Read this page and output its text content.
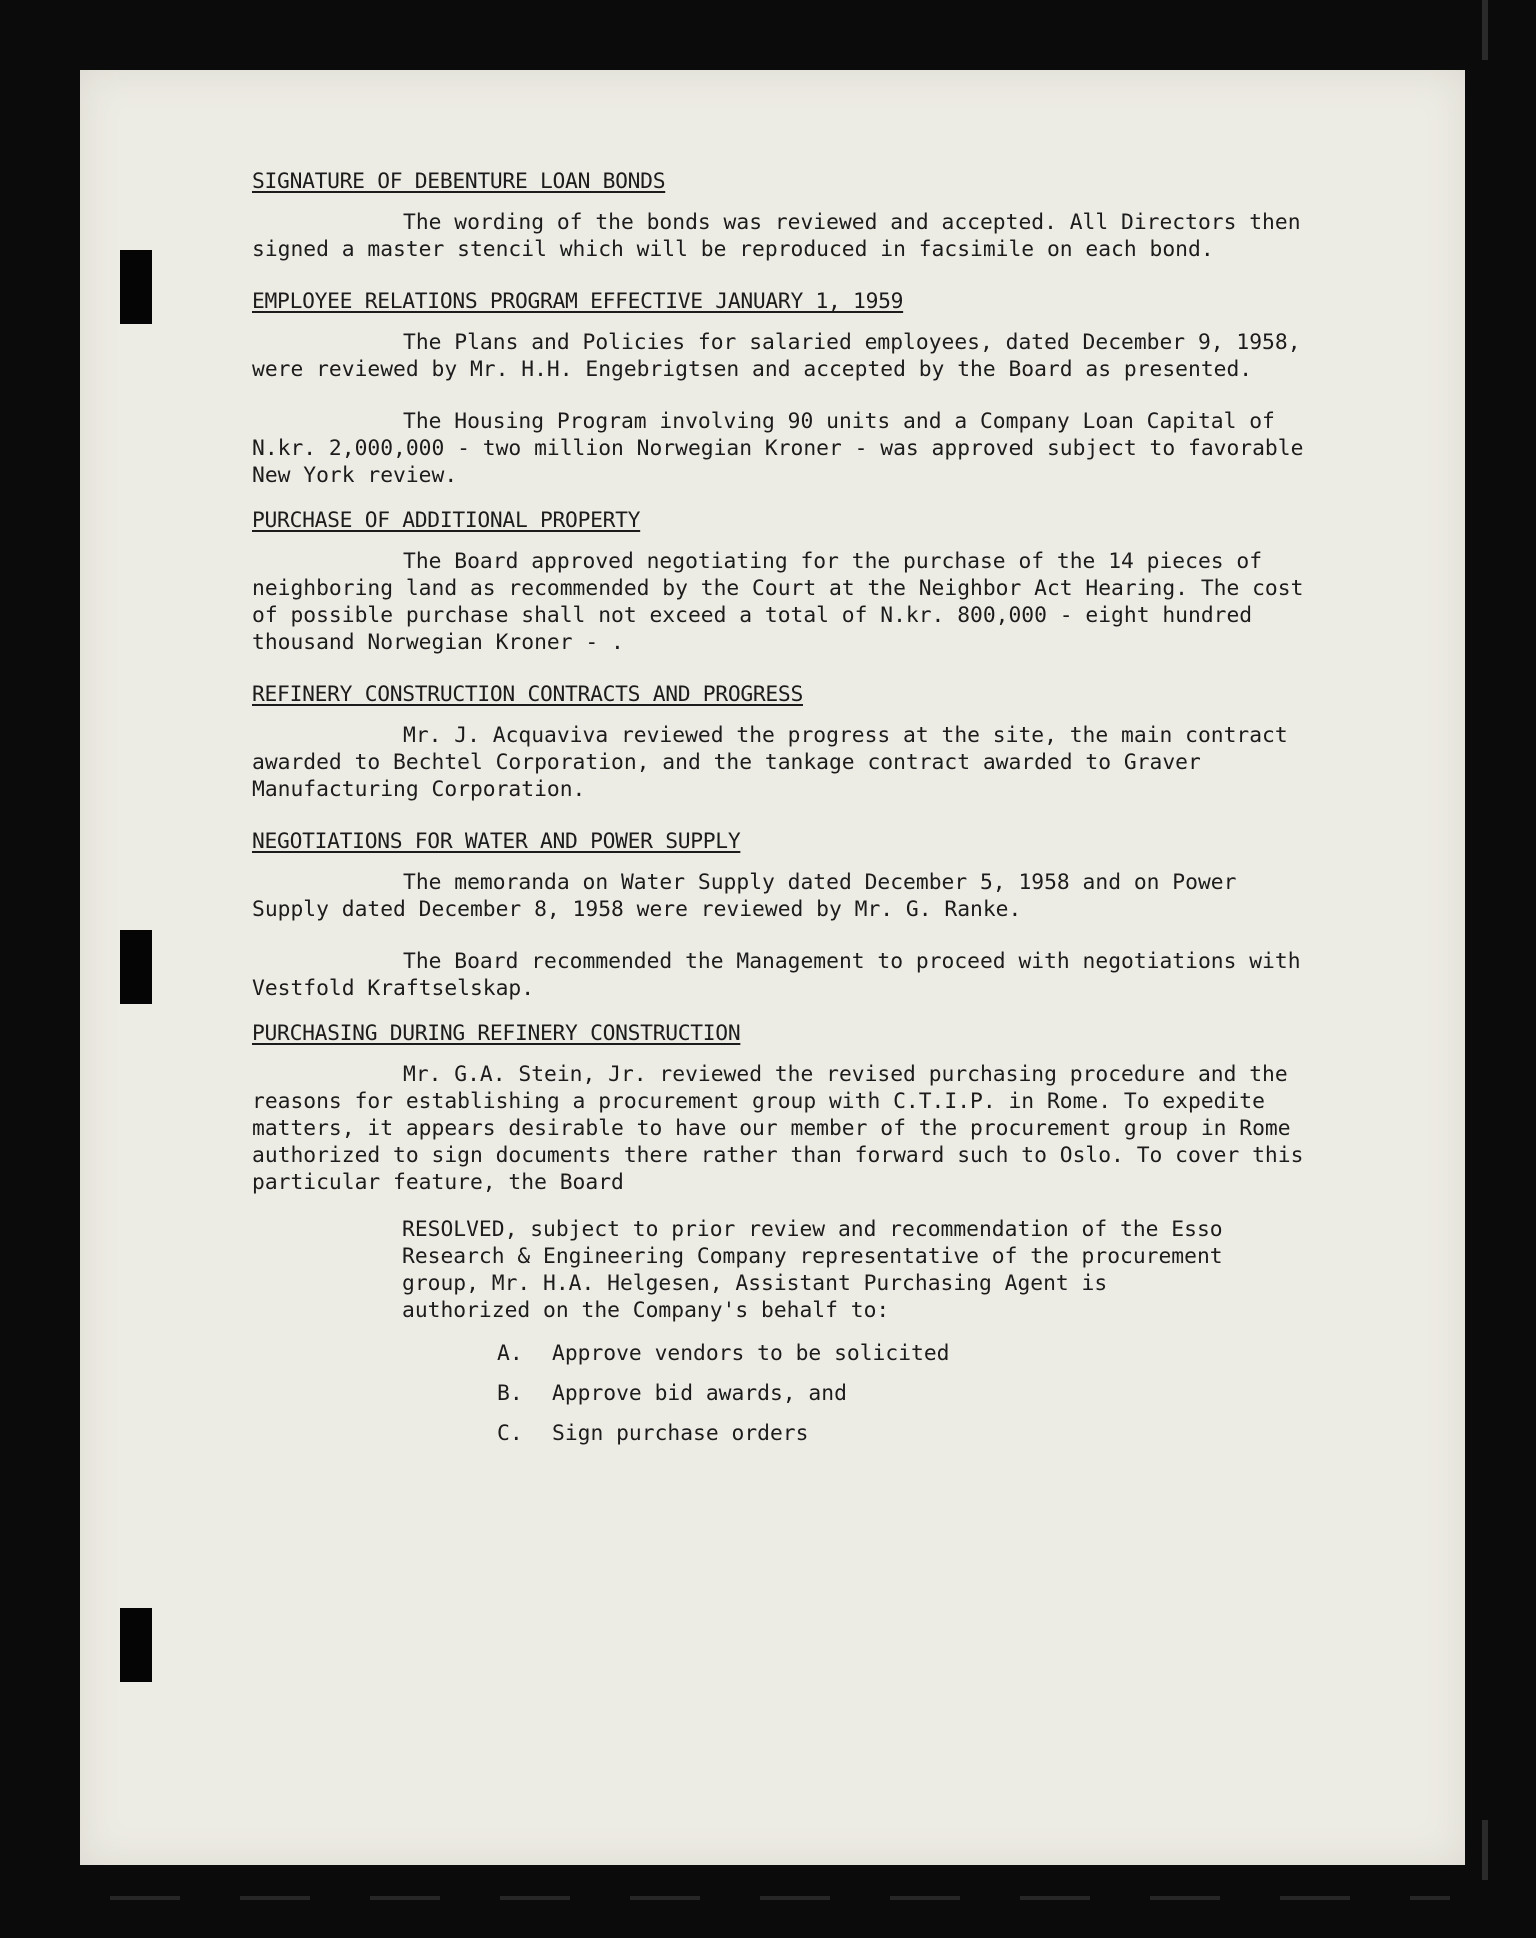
SIGNATURE OF DEBENTURE LOAN BONDS

The wording of the bonds was reviewed and accepted. All Directors then signed a master stencil which will be reproduced in facsimile on each bond.

EMPLOYEE RELATIONS PROGRAM EFFECTIVE JANUARY 1, 1959

The Plans and Policies for salaried employees, dated December 9, 1958, were reviewed by Mr. H.H. Engebrigtsen and accepted by the Board as presented.

The Housing Program involving 90 units and a Company Loan Capital of N.kr. 2,000,000 - two million Norwegian Kroner - was approved subject to favorable New York review.

PURCHASE OF ADDITIONAL PROPERTY

The Board approved negotiating for the purchase of the 14 pieces of neighboring land as recommended by the Court at the Neighbor Act Hearing. The cost of possible purchase shall not exceed a total of N.kr. 800,000 - eight hundred thousand Norwegian Kroner - .

REFINERY CONSTRUCTION CONTRACTS AND PROGRESS

Mr. J. Acquaviva reviewed the progress at the site, the main contract awarded to Bechtel Corporation, and the tankage contract awarded to Graver Manufacturing Corporation.

NEGOTIATIONS FOR WATER AND POWER SUPPLY

The memoranda on Water Supply dated December 5, 1958 and on Power Supply dated December 8, 1958 were reviewed by Mr. G. Ranke.

The Board recommended the Management to proceed with negotiations with Vestfold Kraftselskap.

PURCHASING DURING REFINERY CONSTRUCTION

Mr. G.A. Stein, Jr. reviewed the revised purchasing procedure and the reasons for establishing a procurement group with C.T.I.P. in Rome. To expedite matters, it appears desirable to have our member of the procurement group in Rome authorized to sign documents there rather than forward such to Oslo. To cover this particular feature, the Board

RESOLVED, subject to prior review and recommendation of the Esso Research & Engineering Company representative of the procurement group, Mr. H.A. Helgesen, Assistant Purchasing Agent is authorized on the Company's behalf to:

A.	Approve vendors to be solicited
B.	Approve bid awards, and
C.	Sign purchase orders
